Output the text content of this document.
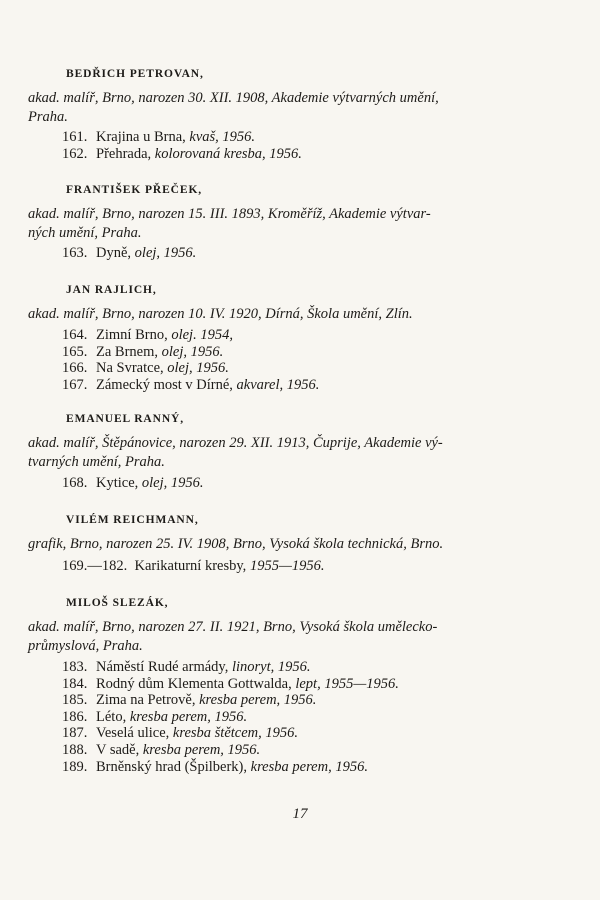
BEDŘICH PETROVAN,
akad. malíř, Brno, narozen 30. XII. 1908, Akademie výtvarných umění,
Praha.
161. Krajina u Brna, kvaš, 1956.
162. Přehrada, kolorovaná kresba, 1956.
FRANTIŠEK PŘEČEK,
akad. malíř, Brno, narozen 15. III. 1893, Kroměříž, Akademie výtvar-
ných umění, Praha.
163. Dyně, olej, 1956.
JAN RAJLICH,
akad. malíř, Brno, narozen 10. IV. 1920, Dírná, Škola umění, Zlín.
164. Zimní Brno, olej. 1954,
165. Za Brnem, olej, 1956.
166. Na Svratce, olej, 1956.
167. Zámecký most v Dírné, akvarel, 1956.
EMANUEL RANNÝ,
akad. malíř, Štěpánovice, narozen 29. XII. 1913, Čuprije, Akademie vý-
tvarných umění, Praha.
168. Kytice, olej, 1956.
VILÉM REICHMANN,
grafik, Brno, narozen 25. IV. 1908, Brno, Vysoká škola technická, Brno.
169.—182. Karikaturní kresby, 1955—1956.
MILOŠ SLEZÁK,
akad. malíř, Brno, narozen 27. II. 1921, Brno, Vysoká škola umělecko-
průmyslová, Praha.
183. Náměstí Rudé armády, linoryt, 1956.
184. Rodný dům Klementa Gottwalda, lept, 1955—1956.
185. Zima na Petrově, kresba perem, 1956.
186. Léto, kresba perem, 1956.
187. Veselá ulice, kresba štětcem, 1956.
188. V sadě, kresba perem, 1956.
189. Brněnský hrad (Špilberk), kresba perem, 1956.
17
